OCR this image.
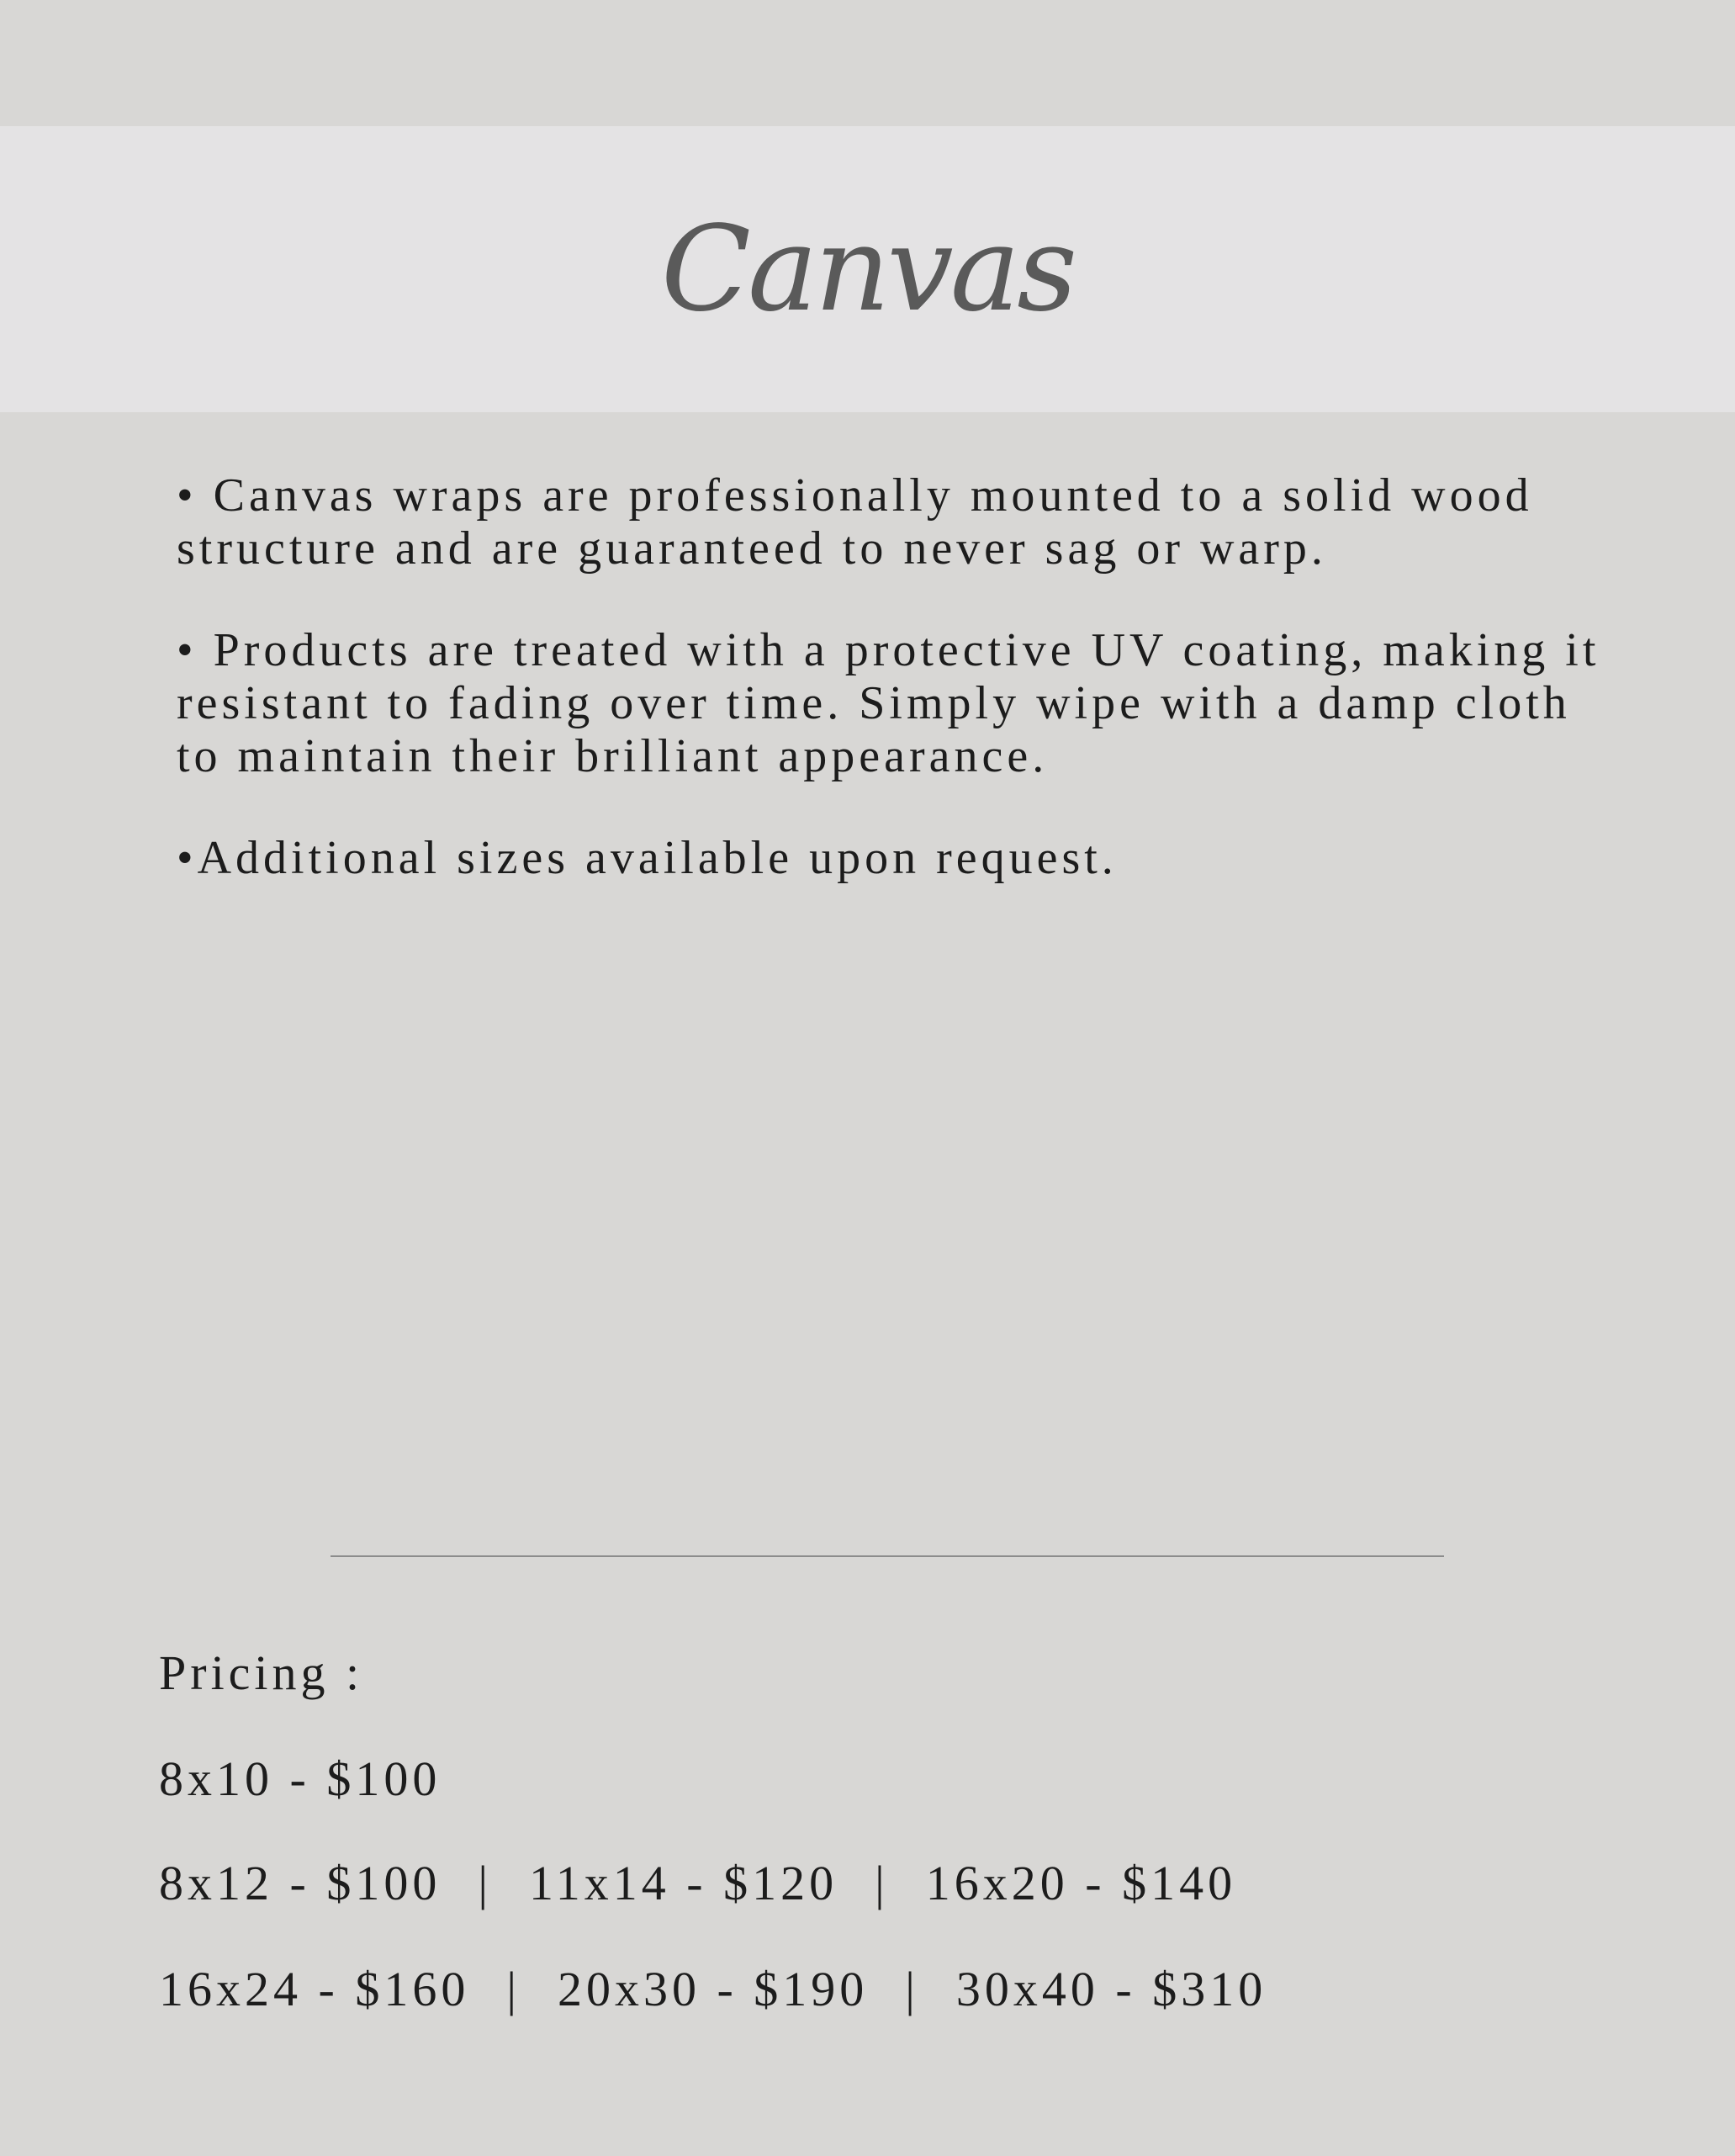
Canvas

• Canvas wraps are professionally mounted to a solid wood structure and are guaranteed to never sag or warp.

• Products are treated with a protective UV coating, making it resistant to fading over time. Simply wipe with a damp cloth to maintain their brilliant appearance.

•Additional sizes available upon request.

Pricing :
8x10 - $100
8x12 - $100 | 11x14 - $120 | 16x20 - $140
16x24 - $160 | 20x30 - $190 | 30x40 - $310
